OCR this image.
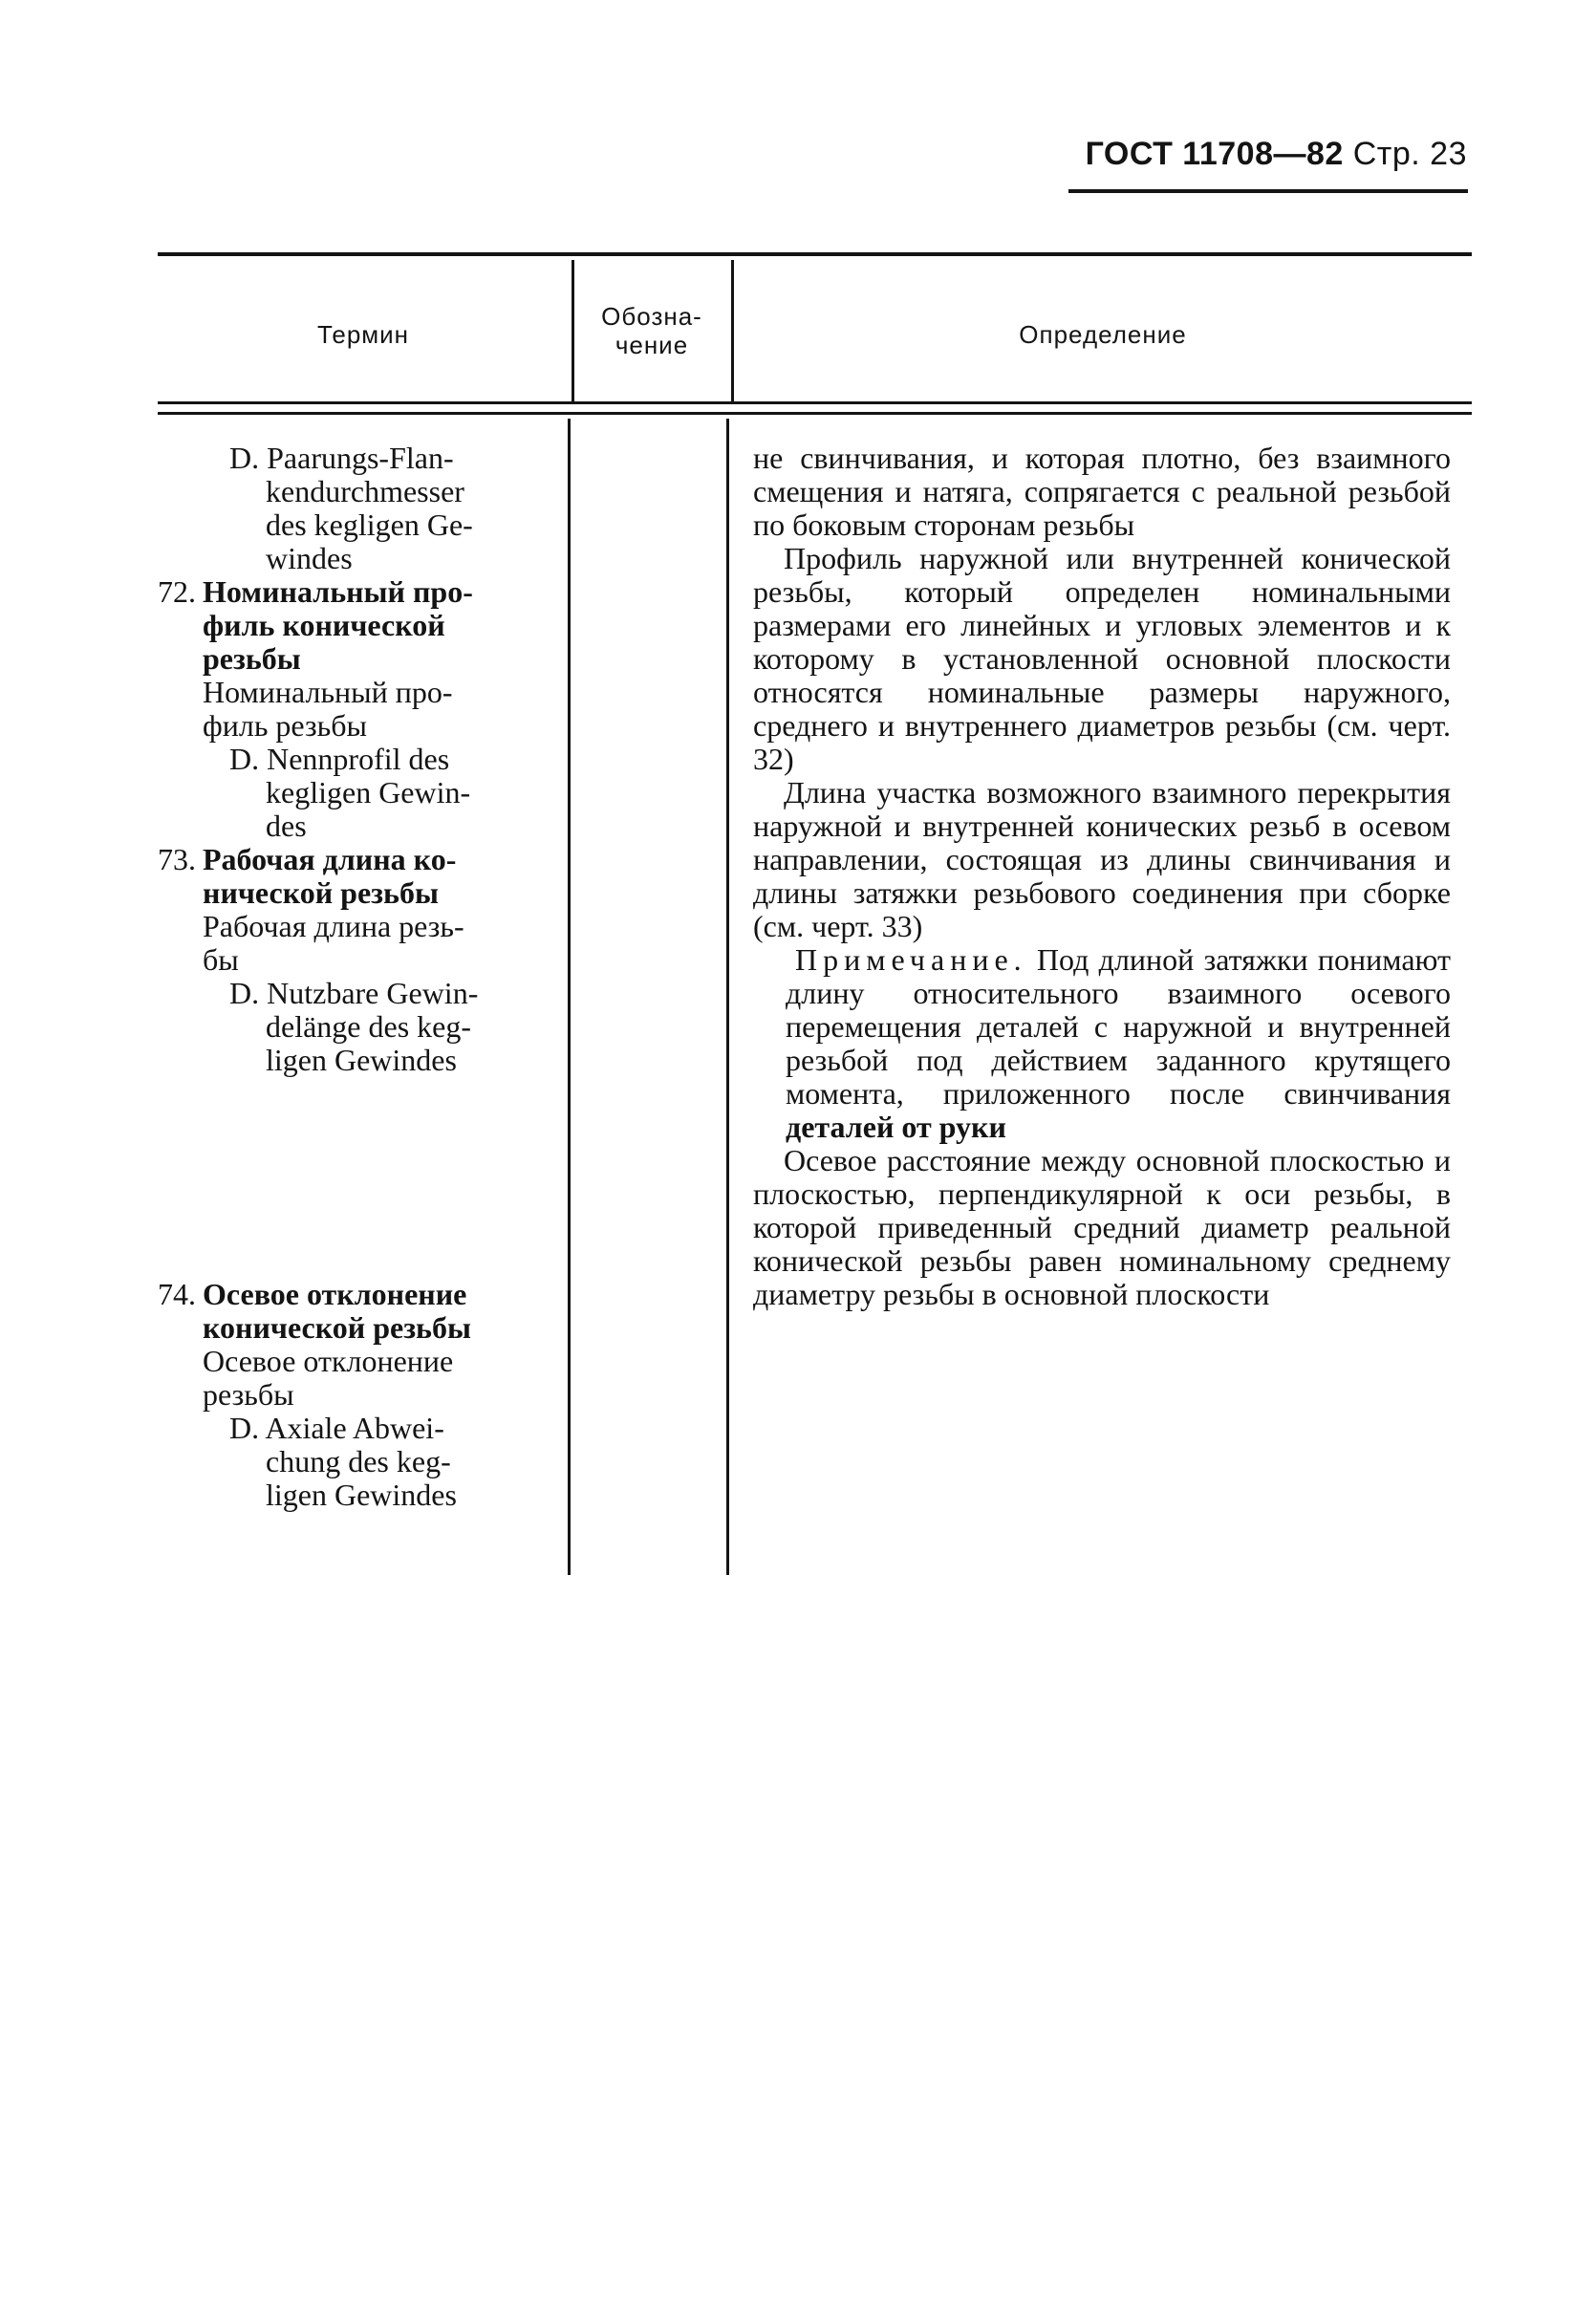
ГОСТ 11708—82 Стр. 23
Термин
Обозна-
чение	Определение
D. Paarungs-Flan-
kendurchmesser
des kegligen Ge-
windes
72. Номинальный про-
филь конической
резьбы
Номинальный про-
филь резьбы
D. Nennprofil des
kegligen Gewin-
des
73. Рабочая длина ко-
нической резьбы
Рабочая длина резь-
бы
D. Nutzbare Gewin-
delänge des keg-
ligen Gewindes
74. Осевое отклонение
конической резьбы
Осевое отклонение
резьбы
D. Axiale Abwei-
chung des keg-
ligen Gewindes

не свинчивания, и которая плотно, без взаимного смещения и натяга, сопрягается с реальной резьбой по боковым сторонам резьбы

Профиль наружной или внутренней конической резьбы, который определен номинальными размерами его линейных и угловых элементов и к которому в установленной основной плоскости относятся номинальные размеры наружного, среднего и внутреннего диаметров резьбы (см. черт. 32)

Длина участка возможного взаимного перекрытия наружной и внутренней конических резьб в осевом направлении, состоящая из длины свинчивания и длины затяжки резьбового соединения при сборке (см. черт. 33)

Примечание. Под длиной затяжки понимают длину относительного взаимного осевого перемещения деталей с наружной и внутренней резьбой под действием заданного крутящего момента, приложенного после свинчивания деталей от руки

Осевое расстояние между основной плоскостью и плоскостью, перпендикулярной к оси резьбы, в которой приведенный средний диаметр реальной конической резьбы равен номинальному среднему диаметру резьбы в основной плоскости
